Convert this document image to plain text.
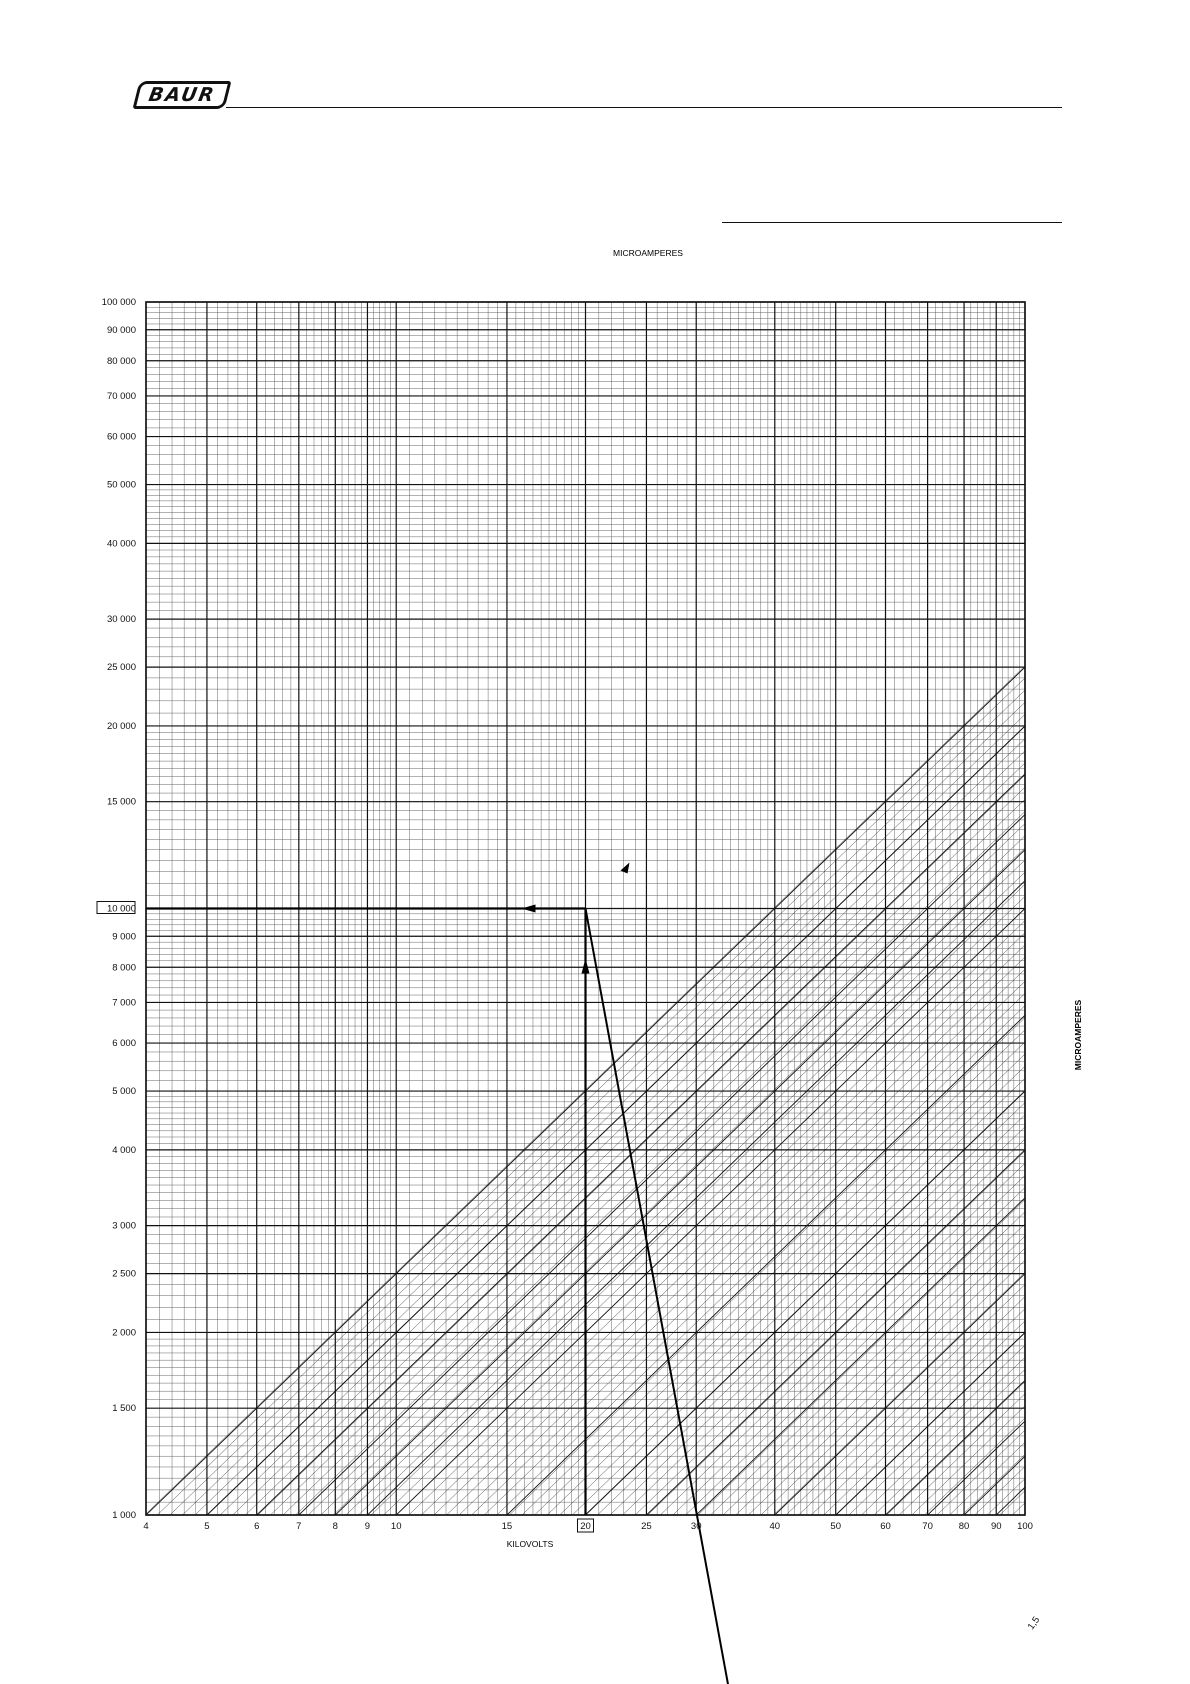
BAUR
1 000
1 500
2 000
2 500
3 000
4 000
5 000
6 000
7 000
8 000
9 000
10 000
15 000
20 000
25 000
30 000
40 000
50 000
60 000
70 000
80 000
90 000
100 000
4	5	6	7	8	9 10	15	20	25	30	40	50	60	70	80 90 100
1,5
MICROAMPERES
KILOVOLTS
MICROAMPERES
